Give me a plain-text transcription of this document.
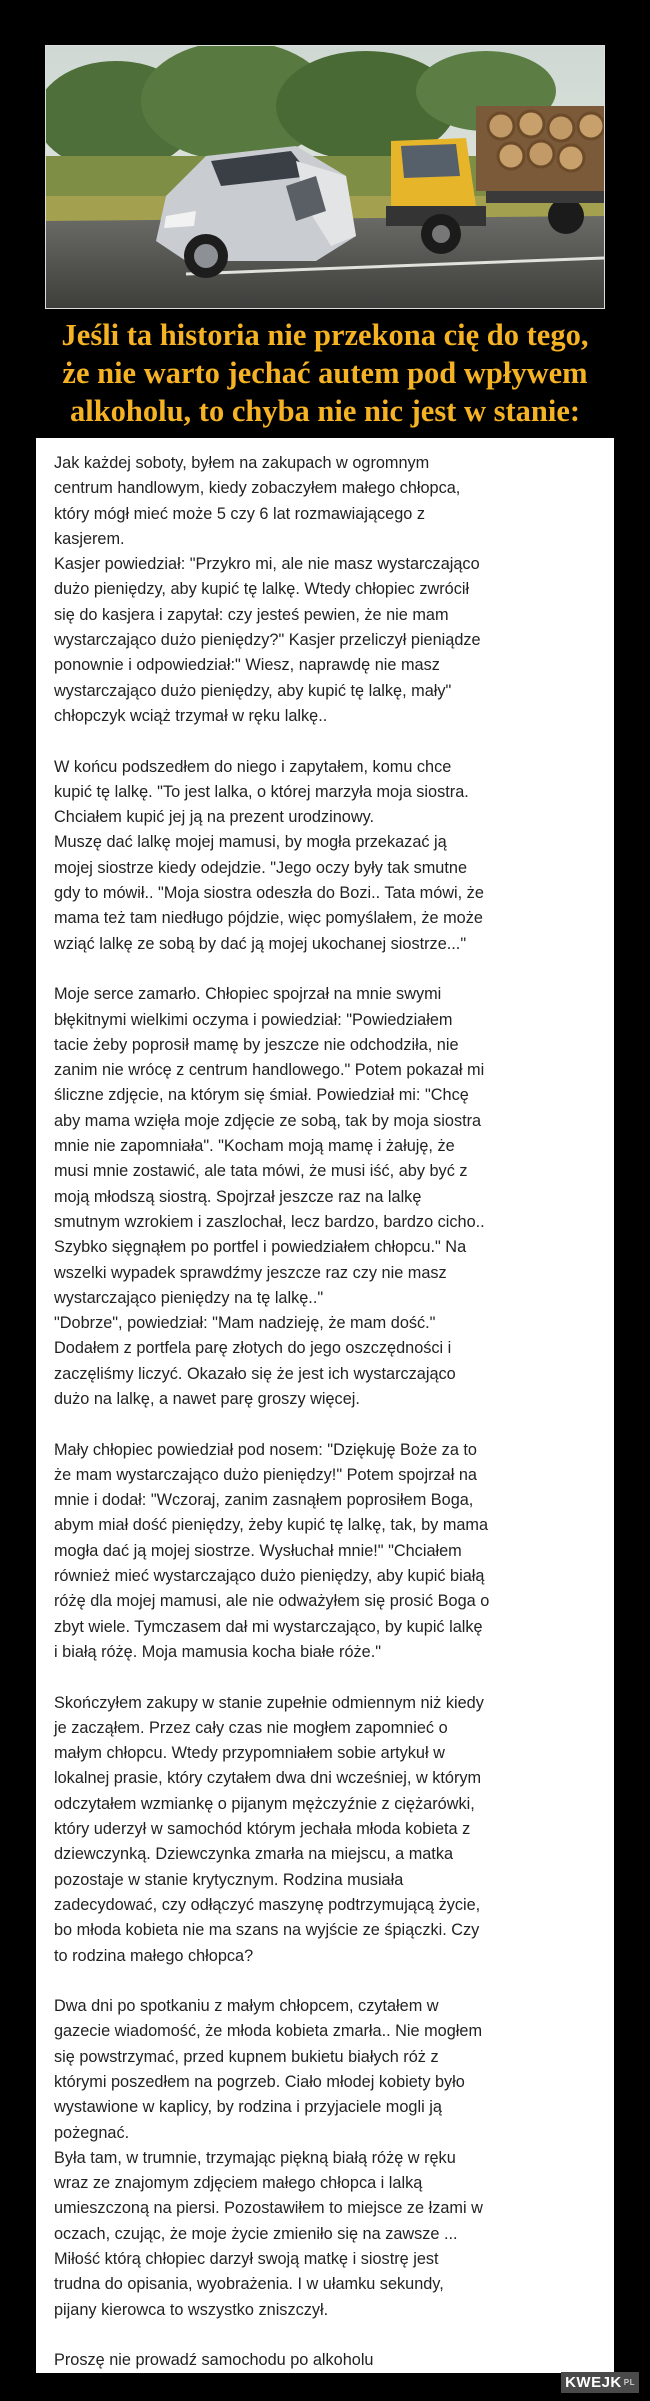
Jeśli ta historia nie przekona cię do tego,
że nie warto jechać autem pod wpływem
alkoholu, to chyba nie nic jest w stanie:
Jak każdej soboty, byłem na zakupach w ogromnym
centrum handlowym, kiedy zobaczyłem małego chłopca,
który mógł mieć może 5 czy 6 lat rozmawiającego z
kasjerem.
Kasjer powiedział: "Przykro mi, ale nie masz wystarczająco
dużo pieniędzy, aby kupić tę lalkę. Wtedy chłopiec zwrócił
się do kasjera i zapytał: czy jesteś pewien, że nie mam
wystarczająco dużo pieniędzy?" Kasjer przeliczył pieniądze
ponownie i odpowiedział:" Wiesz, naprawdę nie masz
wystarczająco dużo pieniędzy, aby kupić tę lalkę, mały"
chłopczyk wciąż trzymał w ręku lalkę..
W końcu podszedłem do niego i zapytałem, komu chce
kupić tę lalkę. "To jest lalka, o której marzyła moja siostra.
Chciałem kupić jej ją na prezent urodzinowy.
Muszę dać lalkę mojej mamusi, by mogła przekazać ją
mojej siostrze kiedy odejdzie. "Jego oczy były tak smutne
gdy to mówił.. "Moja siostra odeszła do Bozi.. Tata mówi, że
mama też tam niedługo pójdzie, więc pomyślałem, że może
wziąć lalkę ze sobą by dać ją mojej ukochanej siostrze..."
Moje serce zamarło. Chłopiec spojrzał na mnie swymi
błękitnymi wielkimi oczyma i powiedział: "Powiedziałem
tacie żeby poprosił mamę by jeszcze nie odchodziła, nie
zanim nie wrócę z centrum handlowego." Potem pokazał mi
śliczne zdjęcie, na którym się śmiał. Powiedział mi: "Chcę
aby mama wzięła moje zdjęcie ze sobą, tak by moja siostra
mnie nie zapomniała". "Kocham moją mamę i żałuję, że
musi mnie zostawić, ale tata mówi, że musi iść, aby być z
moją młodszą siostrą. Spojrzał jeszcze raz na lalkę
smutnym wzrokiem i zaszlochał, lecz bardzo, bardzo cicho..
Szybko sięgnąłem po portfel i powiedziałem chłopcu." Na
wszelki wypadek sprawdźmy jeszcze raz czy nie masz
wystarczająco pieniędzy na tę lalkę.."
"Dobrze", powiedział: "Mam nadzieję, że mam dość."
Dodałem z portfela parę złotych do jego oszczędności i
zaczęliśmy liczyć. Okazało się że jest ich wystarczająco
dużo na lalkę, a nawet parę groszy więcej.
Mały chłopiec powiedział pod nosem: "Dziękuję Boże za to
że mam wystarczająco dużo pieniędzy!" Potem spojrzał na
mnie i dodał: "Wczoraj, zanim zasnąłem poprosiłem Boga,
abym miał dość pieniędzy, żeby kupić tę lalkę, tak, by mama
mogła dać ją mojej siostrze. Wysłuchał mnie!" "Chciałem
również mieć wystarczająco dużo pieniędzy, aby kupić białą
różę dla mojej mamusi, ale nie odważyłem się prosić Boga o
zbyt wiele. Tymczasem dał mi wystarczająco, by kupić lalkę
i białą różę. Moja mamusia kocha białe róże."
Skończyłem zakupy w stanie zupełnie odmiennym niż kiedy
je zacząłem. Przez cały czas nie mogłem zapomnieć o
małym chłopcu. Wtedy przypomniałem sobie artykuł w
lokalnej prasie, który czytałem dwa dni wcześniej, w którym
odczytałem wzmiankę o pijanym mężczyźnie z ciężarówki,
który uderzył w samochód którym jechała młoda kobieta z
dziewczynką. Dziewczynka zmarła na miejscu, a matka
pozostaje w stanie krytycznym. Rodzina musiała
zadecydować, czy odłączyć maszynę podtrzymującą życie,
bo młoda kobieta nie ma szans na wyjście ze śpiączki. Czy
to rodzina małego chłopca?
Dwa dni po spotkaniu z małym chłopcem, czytałem w
gazecie wiadomość, że młoda kobieta zmarła.. Nie mogłem
się powstrzymać, przed kupnem bukietu białych róż z
którymi poszedłem na pogrzeb. Ciało młodej kobiety było
wystawione w kaplicy, by rodzina i przyjaciele mogli ją
pożegnać.
Była tam, w trumnie, trzymając piękną białą różę w ręku
wraz ze znajomym zdjęciem małego chłopca i lalką
umieszczoną na piersi. Pozostawiłem to miejsce ze łzami w
oczach, czując, że moje życie zmieniło się na zawsze ...
Miłość którą chłopiec darzył swoją matkę i siostrę jest
trudna do opisania, wyobrażenia. I w ułamku sekundy,
pijany kierowca to wszystko zniszczył.
Proszę nie prowadź samochodu po alkoholu
KWEJK PL
